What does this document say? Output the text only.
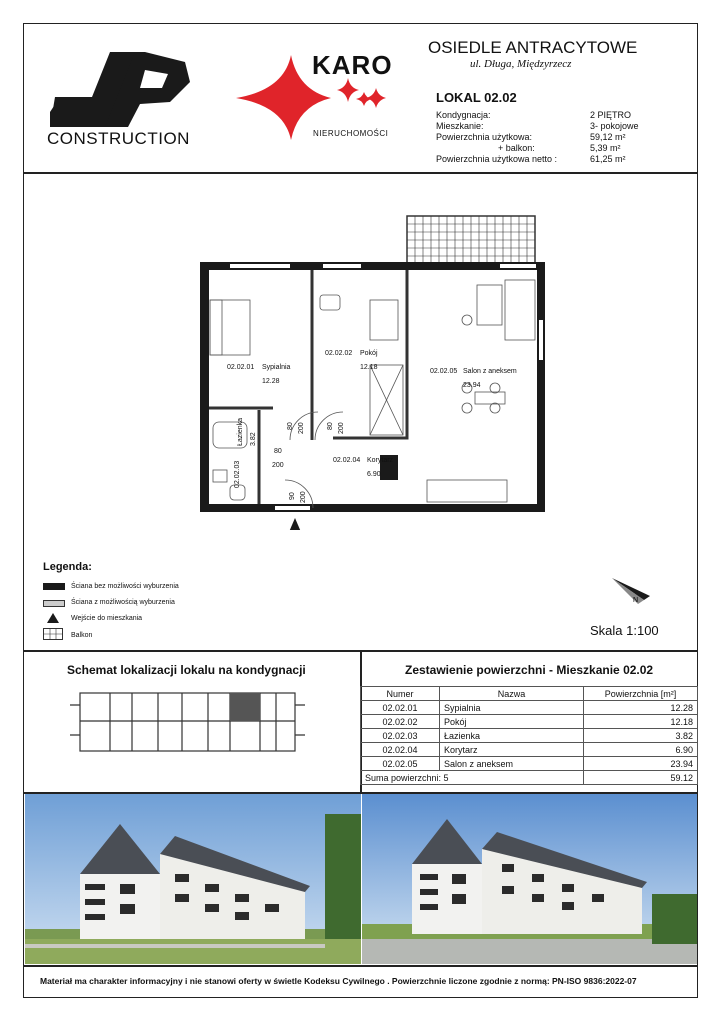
CONSTRUCTION
KARO
NIERUCHOMOŚCI
OSIEDLE ANTRACYTOWE
ul. Długa, Międzyrzecz
LOKAL 02.02
Kondygnacja:	2 PIĘTRO
Mieszkanie:	3- pokojowe
Powierzchnia użytkowa:	59,12 m²
+ balkon:	5,39 m²
Powierzchnia użytkowa netto :	61,25 m²
02.02.01 Sypialnia
12.28
02.02.02 Pokój
12.18
02.02.03
Łazienka 3.82
02.02.04 Korytarz
6.90
02.02.05 Salon z aneksem
23.94
80 200	80 200
80
200
90 200
Legenda:
Ściana bez możliwości wyburzenia
Ściana z możliwością wyburzenia
Wejście do mieszkania
Balkon
N
Skala 1:100
Schemat lokalizacji lokalu na kondygnacji	Zestawienie powierzchni - Mieszkanie 02.02
Numer	Nazwa	Powierzchnia [m²]
02.02.01	Sypialnia	12.28
02.02.02	Pokój	12.18
02.02.03	Łazienka	3.82
02.02.04	Korytarz	6.90
02.02.05	Salon z aneksem	23.94
Suma powierzchni: 5		59.12
Materiał ma charakter informacyjny i nie stanowi oferty w świetle Kodeksu Cywilnego . Powierzchnie liczone zgodnie z normą: PN-ISO 9836:2022-07
